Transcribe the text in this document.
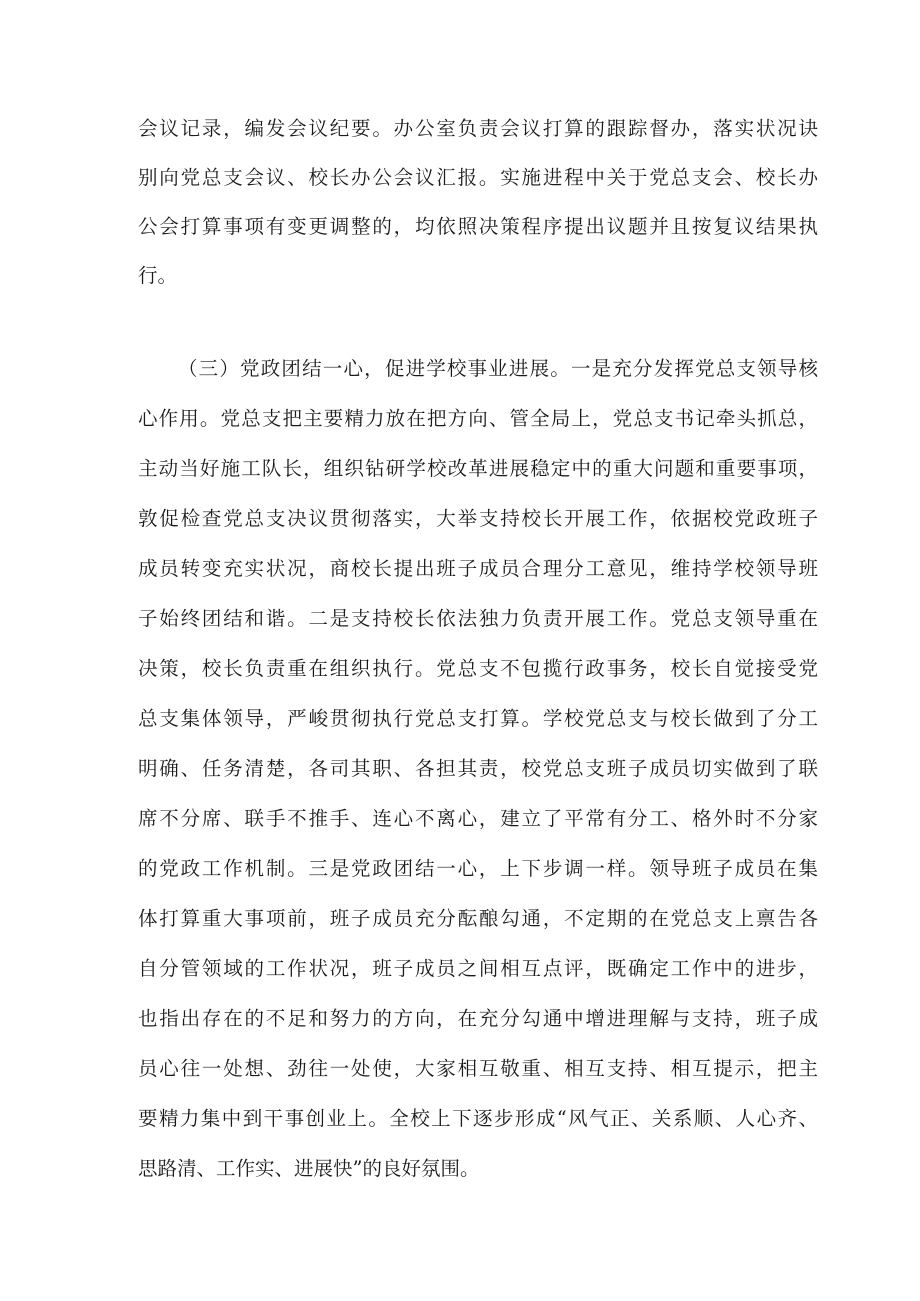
会议记录，编发会议纪要。办公室负责会议打算的跟踪督办，落实状况诀
别向党总支会议、校长办公会议汇报。实施进程中关于党总支会、校长办
公会打算事项有变更调整的，均依照决策程序提出议题并且按复议结果执
行。
（三）党政团结一心，促进学校事业进展。一是充分发挥党总支领导核
心作用。党总支把主要精力放在把方向、管全局上，党总支书记牵头抓总，
主动当好施工队长，组织钻研学校改革进展稳定中的重大问题和重要事项，
敦促检查党总支决议贯彻落实，大举支持校长开展工作，依据校党政班子
成员转变充实状况，商校长提出班子成员合理分工意见，维持学校领导班
子始终团结和谐。二是支持校长依法独力负责开展工作。党总支领导重在
决策，校长负责重在组织执行。党总支不包揽行政事务，校长自觉接受党
总支集体领导，严峻贯彻执行党总支打算。学校党总支与校长做到了分工
明确、任务清楚，各司其职、各担其责，校党总支班子成员切实做到了联
席不分席、联手不推手、连心不离心，建立了平常有分工、格外时不分家
的党政工作机制。三是党政团结一心，上下步调一样。领导班子成员在集
体打算重大事项前，班子成员充分酝酿勾通，不定期的在党总支上禀告各
自分管领域的工作状况，班子成员之间相互点评，既确定工作中的进步，
也指出存在的不足和努力的方向，在充分勾通中增进理解与支持，班子成
员心往一处想、劲往一处使，大家相互敬重、相互支持、相互提示，把主
要精力集中到干事创业上。全校上下逐步形成“风气正、关系顺、人心齐、
思路清、工作实、进展快”的良好氛围。
